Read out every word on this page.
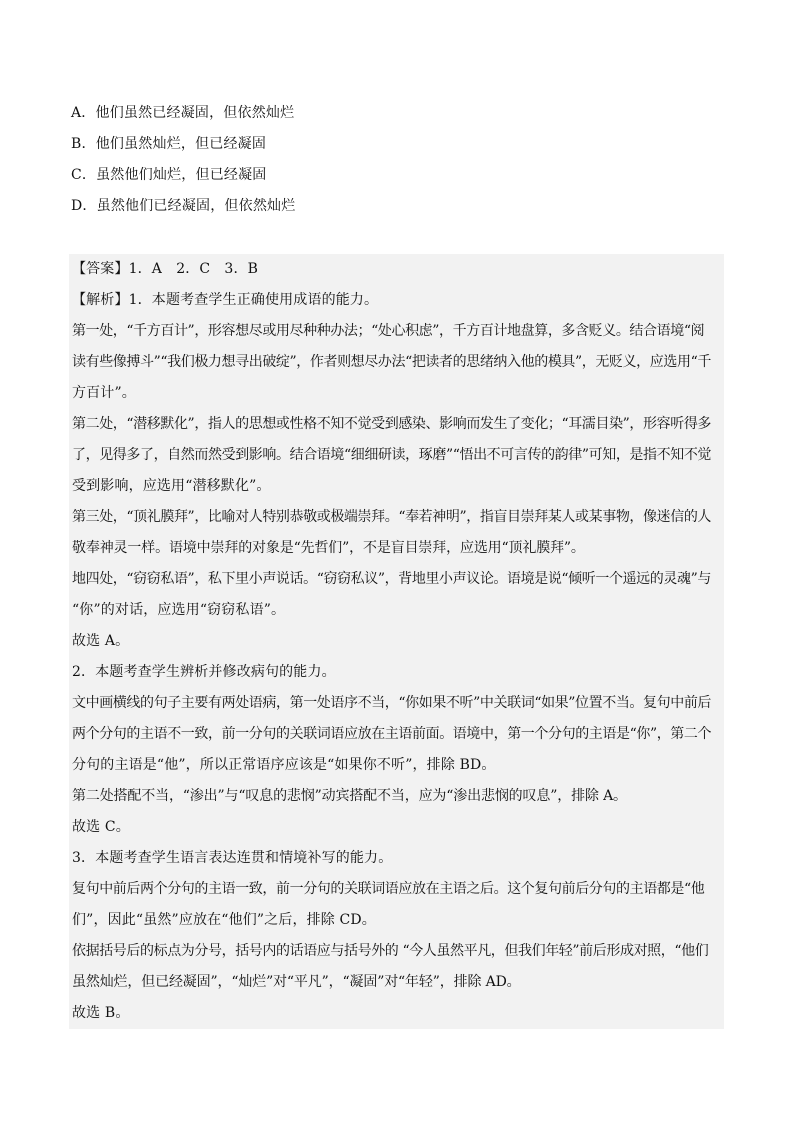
A．他们虽然已经凝固，但依然灿烂
B．他们虽然灿烂，但已经凝固
C．虽然他们灿烂，但已经凝固
D．虽然他们已经凝固，但依然灿烂
【答案】1．A　2．C　3．B
【解析】1．本题考查学生正确使用成语的能力。
第一处，“千方百计”，形容想尽或用尽种种办法；“处心积虑”，千方百计地盘算，多含贬义。结合语境“阅
读有些像搏斗”“我们极力想寻出破绽”，作者则想尽办法“把读者的思绪纳入他的模具”，无贬义，应选用“千
方百计”。
第二处，“潜移默化”，指人的思想或性格不知不觉受到感染、影响而发生了变化；“耳濡目染”，形容听得多
了，见得多了，自然而然受到影响。结合语境“细细研读，琢磨”“悟出不可言传的韵律”可知，是指不知不觉
受到影响，应选用“潜移默化”。
第三处，“顶礼膜拜”，比喻对人特别恭敬或极端崇拜。“奉若神明”，指盲目崇拜某人或某事物，像迷信的人
敬奉神灵一样。语境中崇拜的对象是“先哲们”，不是盲目崇拜，应选用“顶礼膜拜”。
地四处，“窃窃私语”，私下里小声说话。“窃窃私议”，背地里小声议论。语境是说“倾听一个遥远的灵魂”与
“你”的对话，应选用“窃窃私语”。
故选 A。
2．本题考查学生辨析并修改病句的能力。
文中画横线的句子主要有两处语病，第一处语序不当，“你如果不听”中关联词“如果”位置不当。复句中前后
两个分句的主语不一致，前一分句的关联词语应放在主语前面。语境中，第一个分句的主语是“你”，第二个
分句的主语是“他”，所以正常语序应该是“如果你不听”，排除 BD。
第二处搭配不当，“渗出”与“叹息的悲悯”动宾搭配不当，应为“渗出悲悯的叹息”，排除 A。
故选 C。
3．本题考查学生语言表达连贯和情境补写的能力。
复句中前后两个分句的主语一致，前一分句的关联词语应放在主语之后。这个复句前后分句的主语都是“他
们”，因此“虽然”应放在“他们”之后，排除 CD。
依据括号后的标点为分号，括号内的话语应与括号外的 “今人虽然平凡，但我们年轻”前后形成对照，“他们
虽然灿烂，但已经凝固”，“灿烂”对“平凡”，“凝固”对“年轻”，排除 AD。
故选 B。
